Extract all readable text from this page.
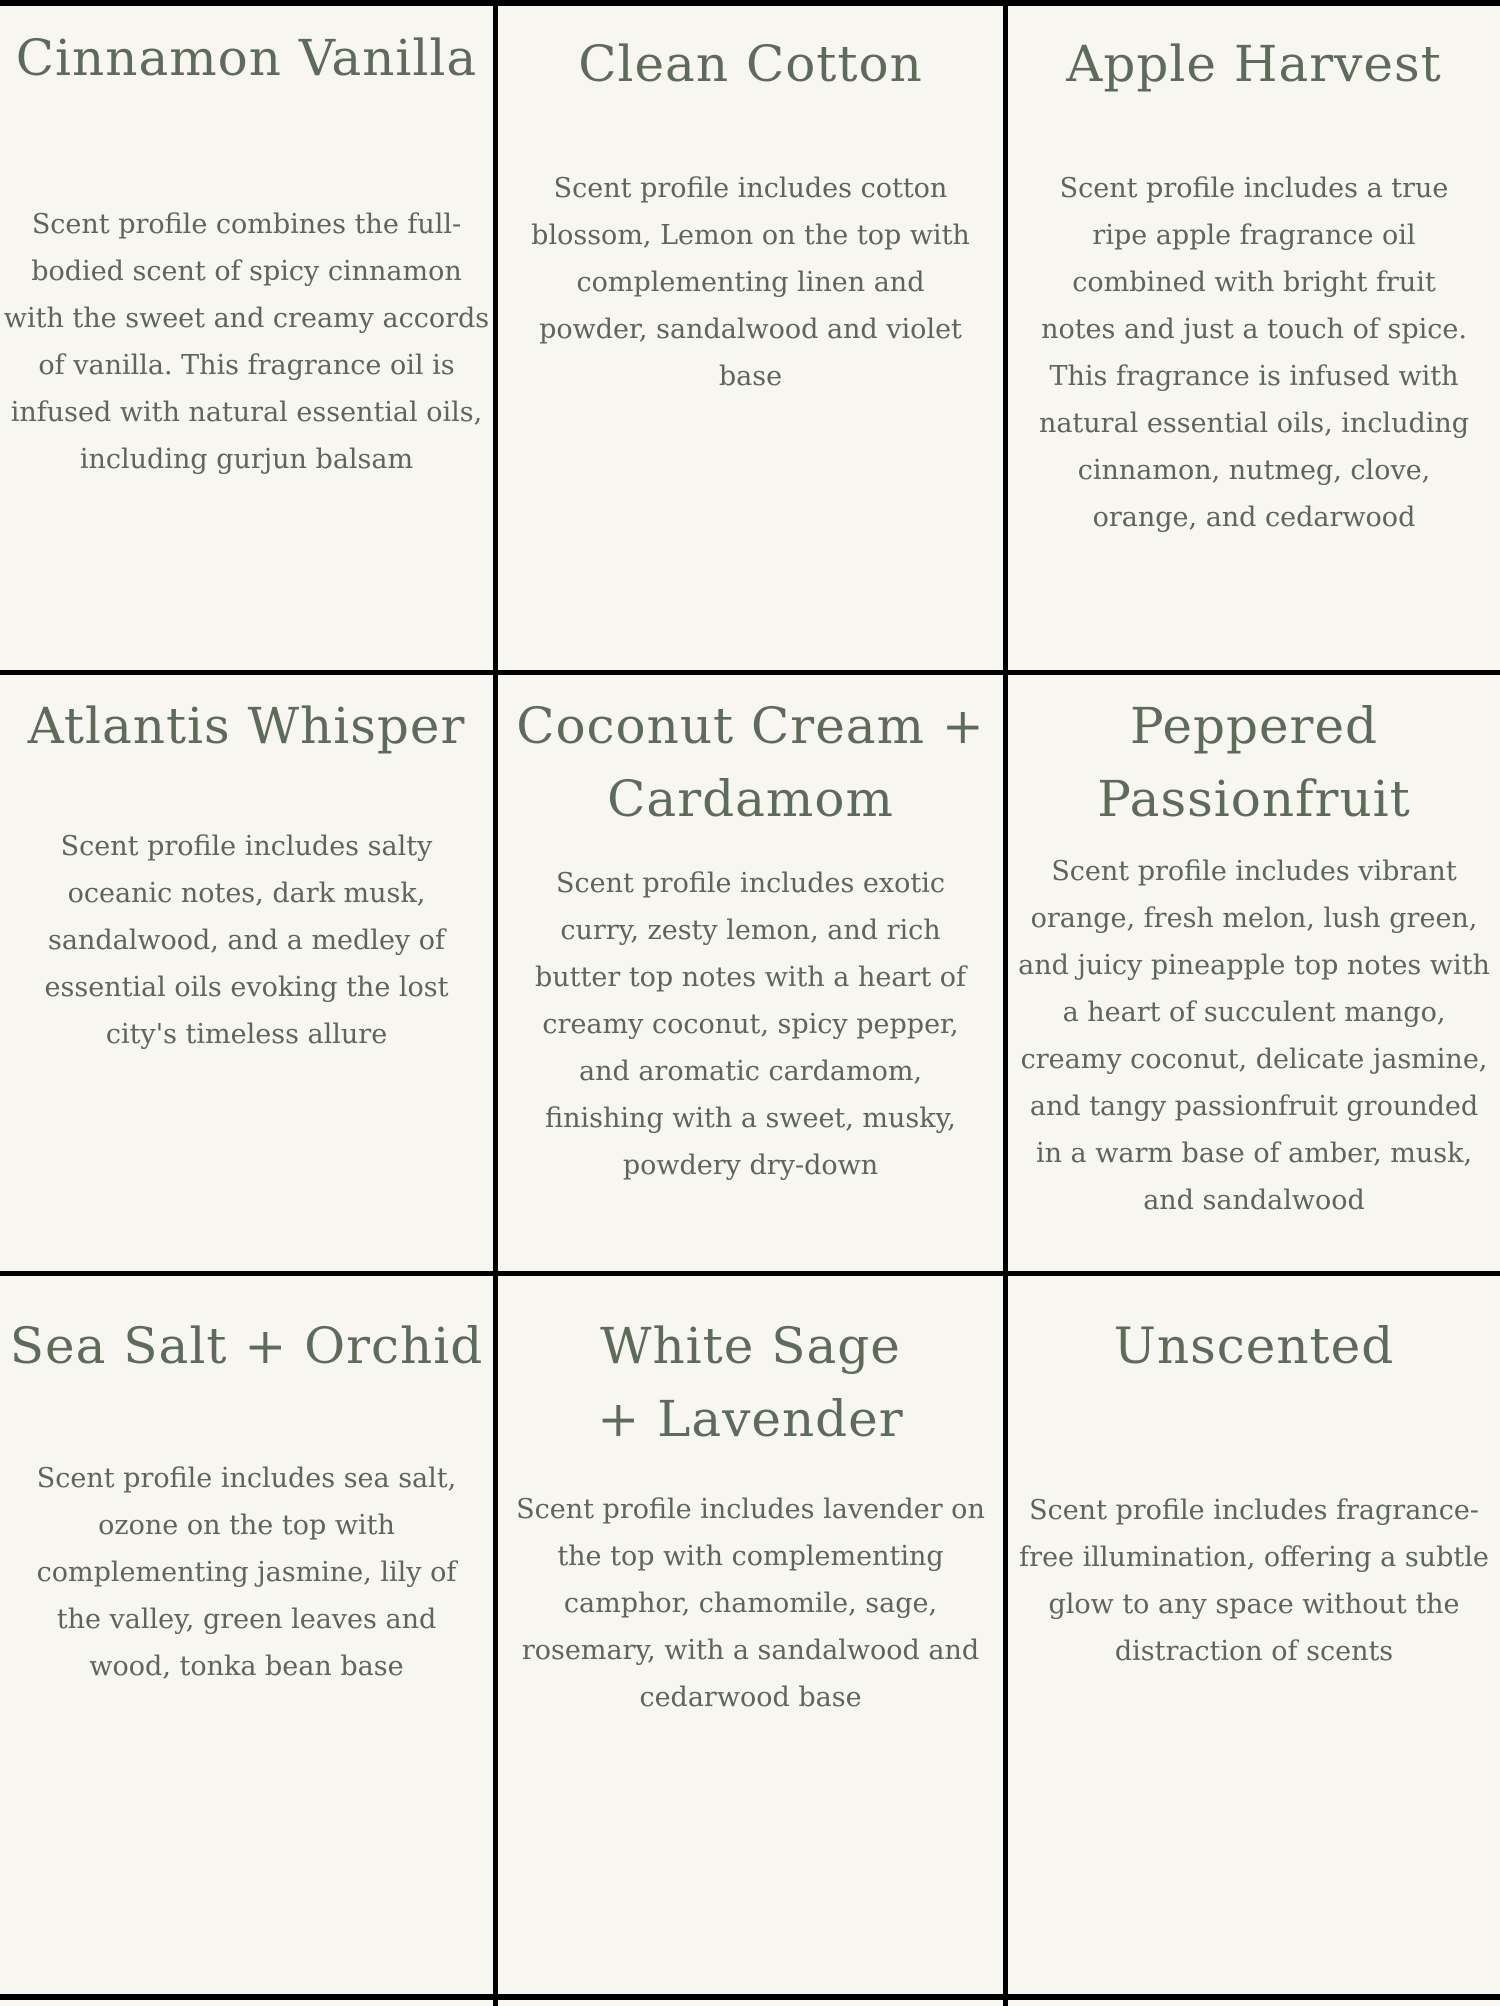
Cinnamon Vanilla

Scent profile combines the full-bodied scent of spicy cinnamon with the sweet and creamy accords of vanilla. This fragrance oil is infused with natural essential oils, including gurjun balsam

Clean Cotton

Scent profile includes cotton blossom, Lemon on the top with complementing linen and powder, sandalwood and violet base

Apple Harvest

Scent profile includes a true ripe apple fragrance oil combined with bright fruit notes and just a touch of spice. This fragrance is infused with natural essential oils, including cinnamon, nutmeg, clove, orange, and cedarwood

Atlantis Whisper

Scent profile includes salty oceanic notes, dark musk, sandalwood, and a medley of essential oils evoking the lost city's timeless allure

Coconut Cream + Cardamom

Scent profile includes exotic curry, zesty lemon, and rich butter top notes with a heart of creamy coconut, spicy pepper, and aromatic cardamom, finishing with a sweet, musky, powdery dry-down

Peppered Passionfruit

Scent profile includes vibrant orange, fresh melon, lush green, and juicy pineapple top notes with a heart of succulent mango, creamy coconut, delicate jasmine, and tangy passionfruit grounded in a warm base of amber, musk, and sandalwood

Sea Salt + Orchid

Scent profile includes sea salt, ozone on the top with complementing jasmine, lily of the valley, green leaves and wood, tonka bean base

White Sage + Lavender

Scent profile includes lavender on the top with complementing camphor, chamomile, sage, rosemary, with a sandalwood and cedarwood base

Unscented

Scent profile includes fragrance-free illumination, offering a subtle glow to any space without the distraction of scents
